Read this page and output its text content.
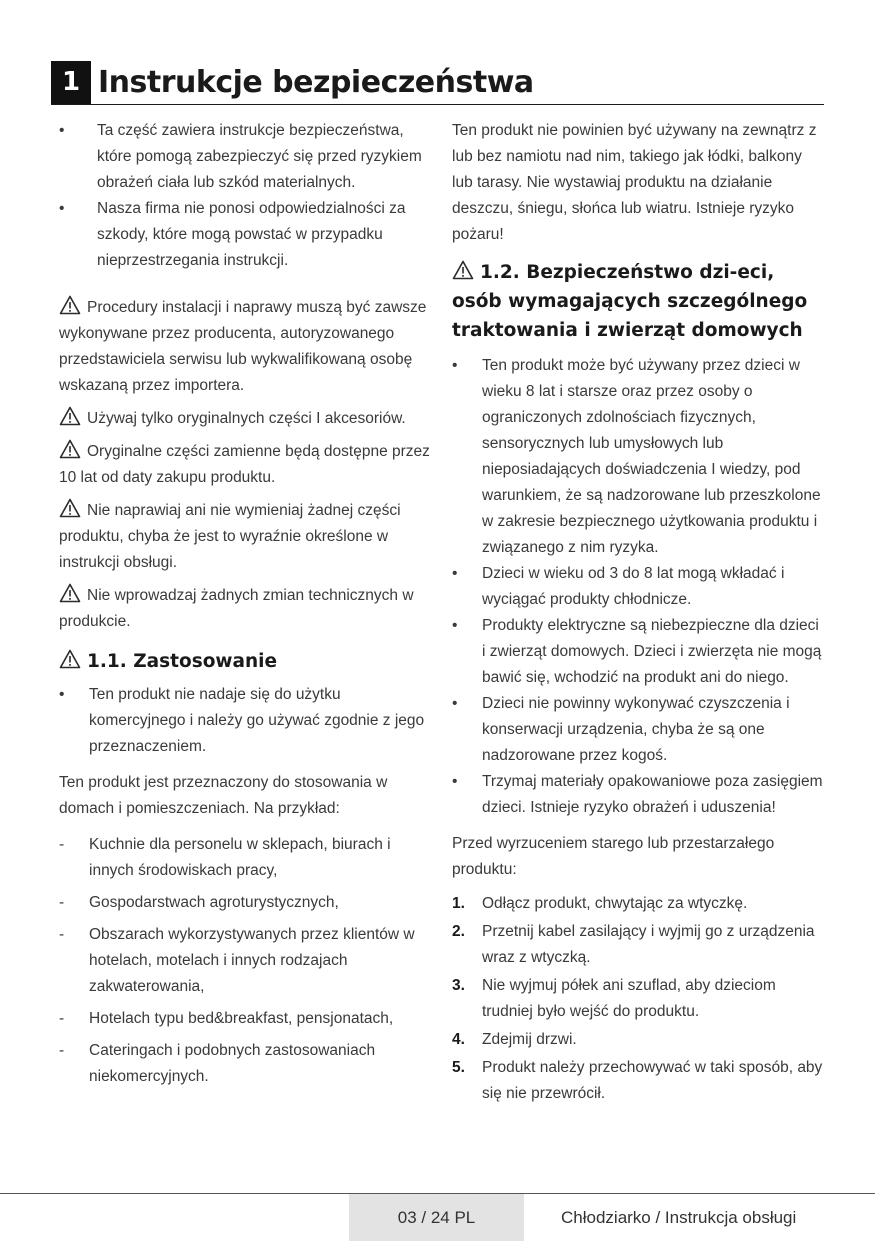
1 Instrukcje bezpieczeństwa
• Ta część zawiera instrukcje bezpieczeństwa, które pomogą zabezpieczyć się przed ryzykiem obrażeń ciała lub szkód materialnych.
• Nasza firma nie ponosi odpowiedzialności za szkody, które mogą powstać w przypadku nieprzestrzegania instrukcji.

Procedury instalacji i naprawy muszą być zawsze wykonywane przez producenta, autoryzowanego przedstawiciela serwisu lub wykwalifikowaną osobę wskazaną przez importera.

Używaj tylko oryginalnych części I akcesoriów.

Oryginalne części zamienne będą dostępne przez 10 lat od daty zakupu produktu.

Nie naprawiaj ani nie wymieniaj żadnej części produktu, chyba że jest to wyraźnie określone w instrukcji obsługi.

Nie wprowadzaj żadnych zmian technicznych w produkcie.

1.1. Zastosowanie
• Ten produkt nie nadaje się do użytku komercyjnego i należy go używać zgodnie z jego przeznaczeniem.

Ten produkt jest przeznaczony do stosowania w domach i pomieszczeniach. Na przykład:

- Kuchnie dla personelu w sklepach, biurach i innych środowiskach pracy,
- Gospodarstwach agroturystycznych,
- Obszarach wykorzystywanych przez klientów w hotelach, motelach i innych rodzajach zakwaterowania,
- Hotelach typu bed&breakfast, pensjonatach,
- Cateringach i podobnych zastosowaniach niekomercyjnych.

Ten produkt nie powinien być używany na zewnątrz z lub bez namiotu nad nim, takiego jak łódki, balkony lub tarasy. Nie wystawiaj produktu na działanie deszczu, śniegu, słońca lub wiatru. Istnieje ryzyko pożaru!

1.2. Bezpieczeństwo dzi-eci, osób wymagających szczególnego traktowania i zwierząt domowych
• Ten produkt może być używany przez dzieci w wieku 8 lat i starsze oraz przez osoby o ograniczonych zdolnościach fizycznych, sensorycznych lub umysłowych lub nieposiadających doświadczenia I wiedzy, pod warunkiem, że są nadzorowane lub przeszkolone w zakresie bezpiecznego użytkowania produktu i związanego z nim ryzyka.
• Dzieci w wieku od 3 do 8 lat mogą wkładać i wyciągać produkty chłodnicze.
• Produkty elektryczne są niebezpieczne dla dzieci i zwierząt domowych. Dzieci i zwierzęta nie mogą bawić się, wchodzić na produkt ani do niego.
• Dzieci nie powinny wykonywać czyszczenia i konserwacji urządzenia, chyba że są one nadzorowane przez kogoś.
• Trzymaj materiały opakowaniowe poza zasięgiem dzieci. Istnieje ryzyko obrażeń i uduszenia!

Przed wyrzuceniem starego lub przestarzałego produktu:

1. Odłącz produkt, chwytając za wtyczkę.
2. Przetnij kabel zasilający i wyjmij go z urządzenia wraz z wtyczką.
3. Nie wyjmuj półek ani szuflad, aby dzieciom trudniej było wejść do produktu.
4. Zdejmij drzwi.
5. Produkt należy przechowywać w taki sposób, aby się nie przewrócił.
03 / 24 PL	Chłodziarko / Instrukcja obsługi
